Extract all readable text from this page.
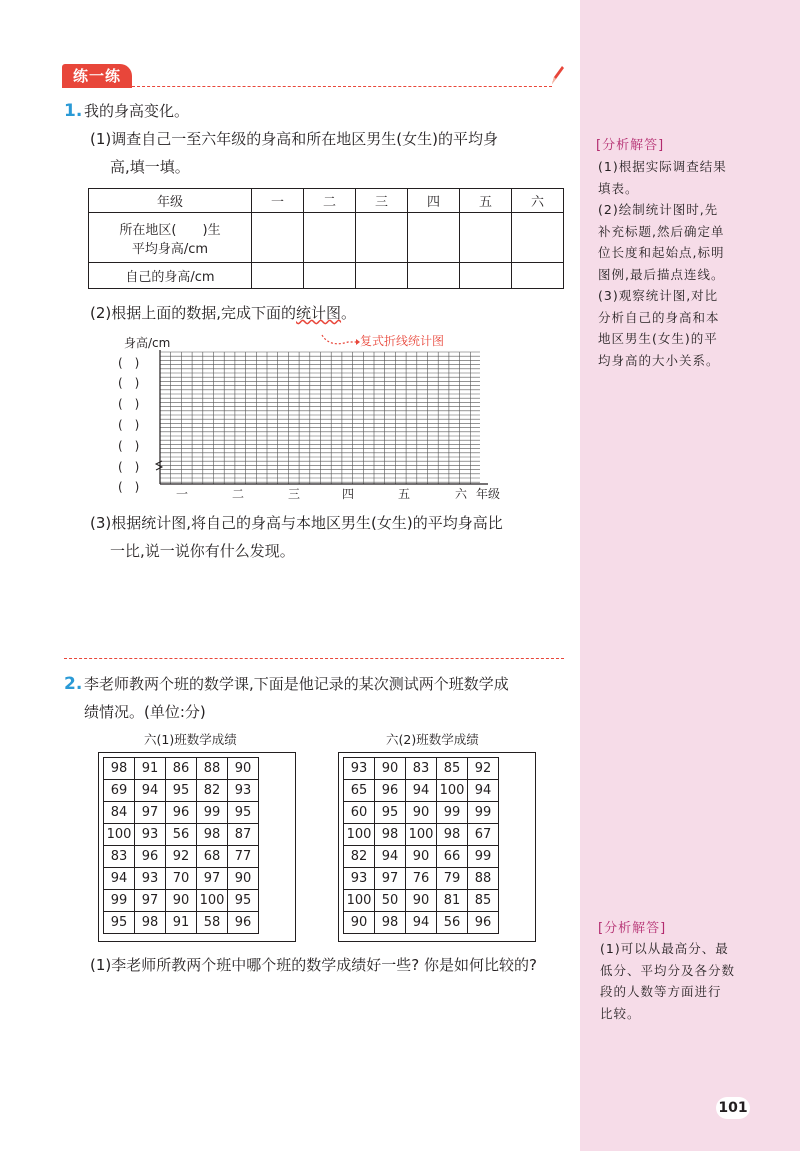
练一练
1. 我的身高变化。
(1)调查自己一至六年级的身高和所在地区男生(女生)的平均身
高,填一填。
年级	一	二	三	四	五	六

所在地区(　　)生
平均身高/cm						

自己的身高/cm						
(2)根据上面的数据,完成下面的统计图。
身高/cm	复式折线统计图
(　)
(　)
(　)
(　)
(　)
(　)
(　)	一	二	三	四	五	六 年级
(3)根据统计图,将自己的身高与本地区男生(女生)的平均身高比
一比,说一说你有什么发现。
2. 李老师教两个班的数学课,下面是他记录的某次测试两个班数学成
绩情况。(单位:分)
六(1)班数学成绩	六(2)班数学成绩
98	91	86	88	90
69	94	95	82	93
84	97	96	99	95
100	93	56	98	87
83	96	92	68	77
94	93	70	97	90
99	97	90	100	95
95	98	91	58	96
93	90	83	85	92
65	96	94	100	94
60	95	90	99	99
100	98	100	98	67
82	94	90	66	99
93	97	76	79	88
100	50	90	81	85
90	98	94	56	96
(1)李老师所教两个班中哪个班的数学成绩好一些? 你是如何比较的?
[分析解答]
(1)根据实际调查结果
填表。
(2)绘制统计图时,先
补充标题,然后确定单
位长度和起始点,标明
图例,最后描点连线。
(3)观察统计图,对比
分析自己的身高和本
地区男生(女生)的平
均身高的大小关系。
[分析解答]
(1)可以从最高分、最
低分、平均分及各分数
段的人数等方面进行
比较。
101
